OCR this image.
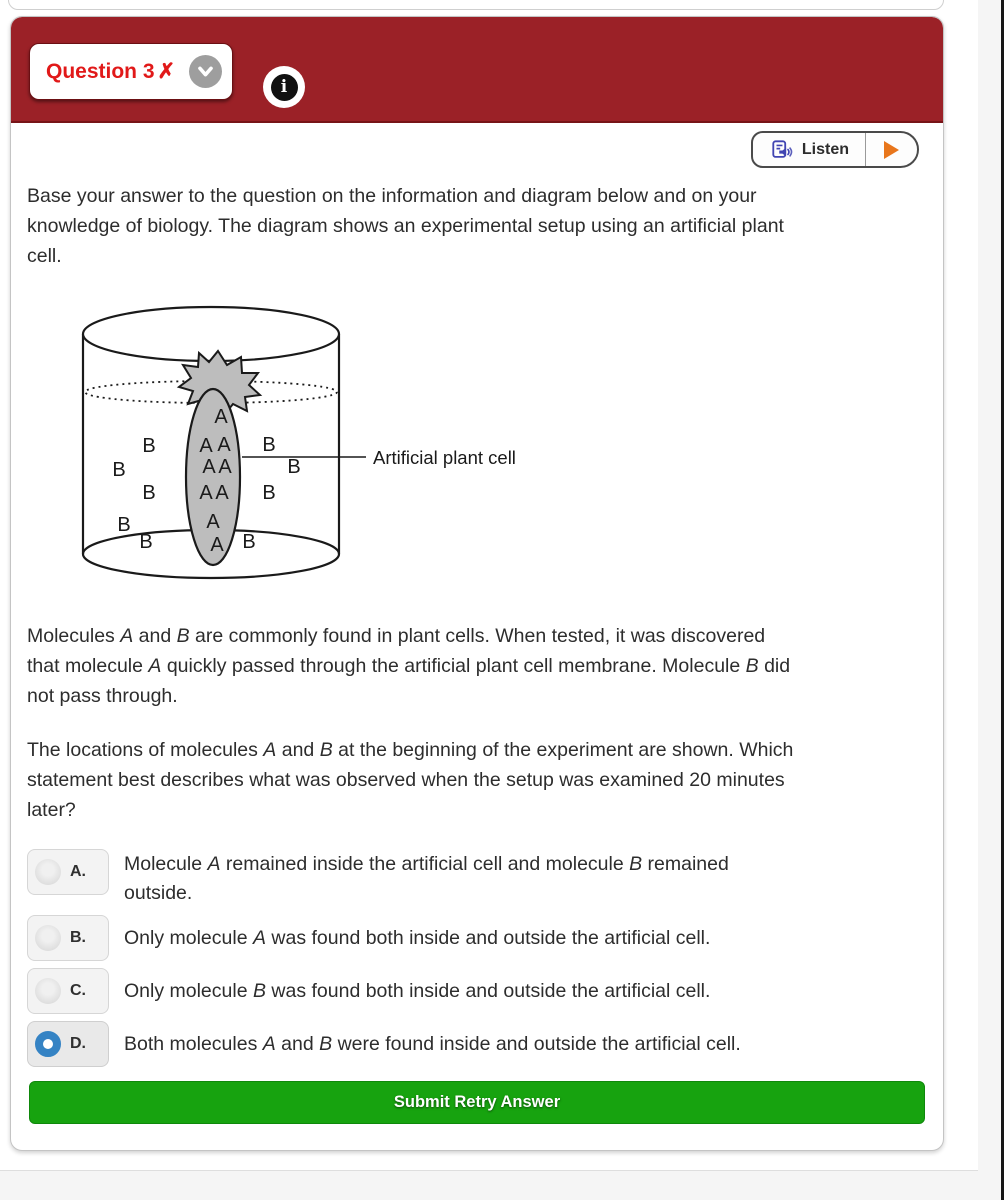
Question 3 ✗
i
Listen

Base your answer to the question on the information and diagram below and on your
knowledge of biology. The diagram shows an experimental setup using an artificial plant
cell.

A
A A
A A
A A
A
A
B
B
B
B
B
B
B
B
B
Artificial plant cell

Molecules A and B are commonly found in plant cells. When tested, it was discovered
that molecule A quickly passed through the artificial plant cell membrane. Molecule B did
not pass through.

The locations of molecules A and B at the beginning of the experiment are shown. Which
statement best describes what was observed when the setup was examined 20 minutes
later?

A. Molecule A remained inside the artificial cell and molecule B remained
outside.
B. Only molecule A was found both inside and outside the artificial cell.
C. Only molecule B was found both inside and outside the artificial cell.
D. Both molecules A and B were found inside and outside the artificial cell.
Submit Retry Answer
